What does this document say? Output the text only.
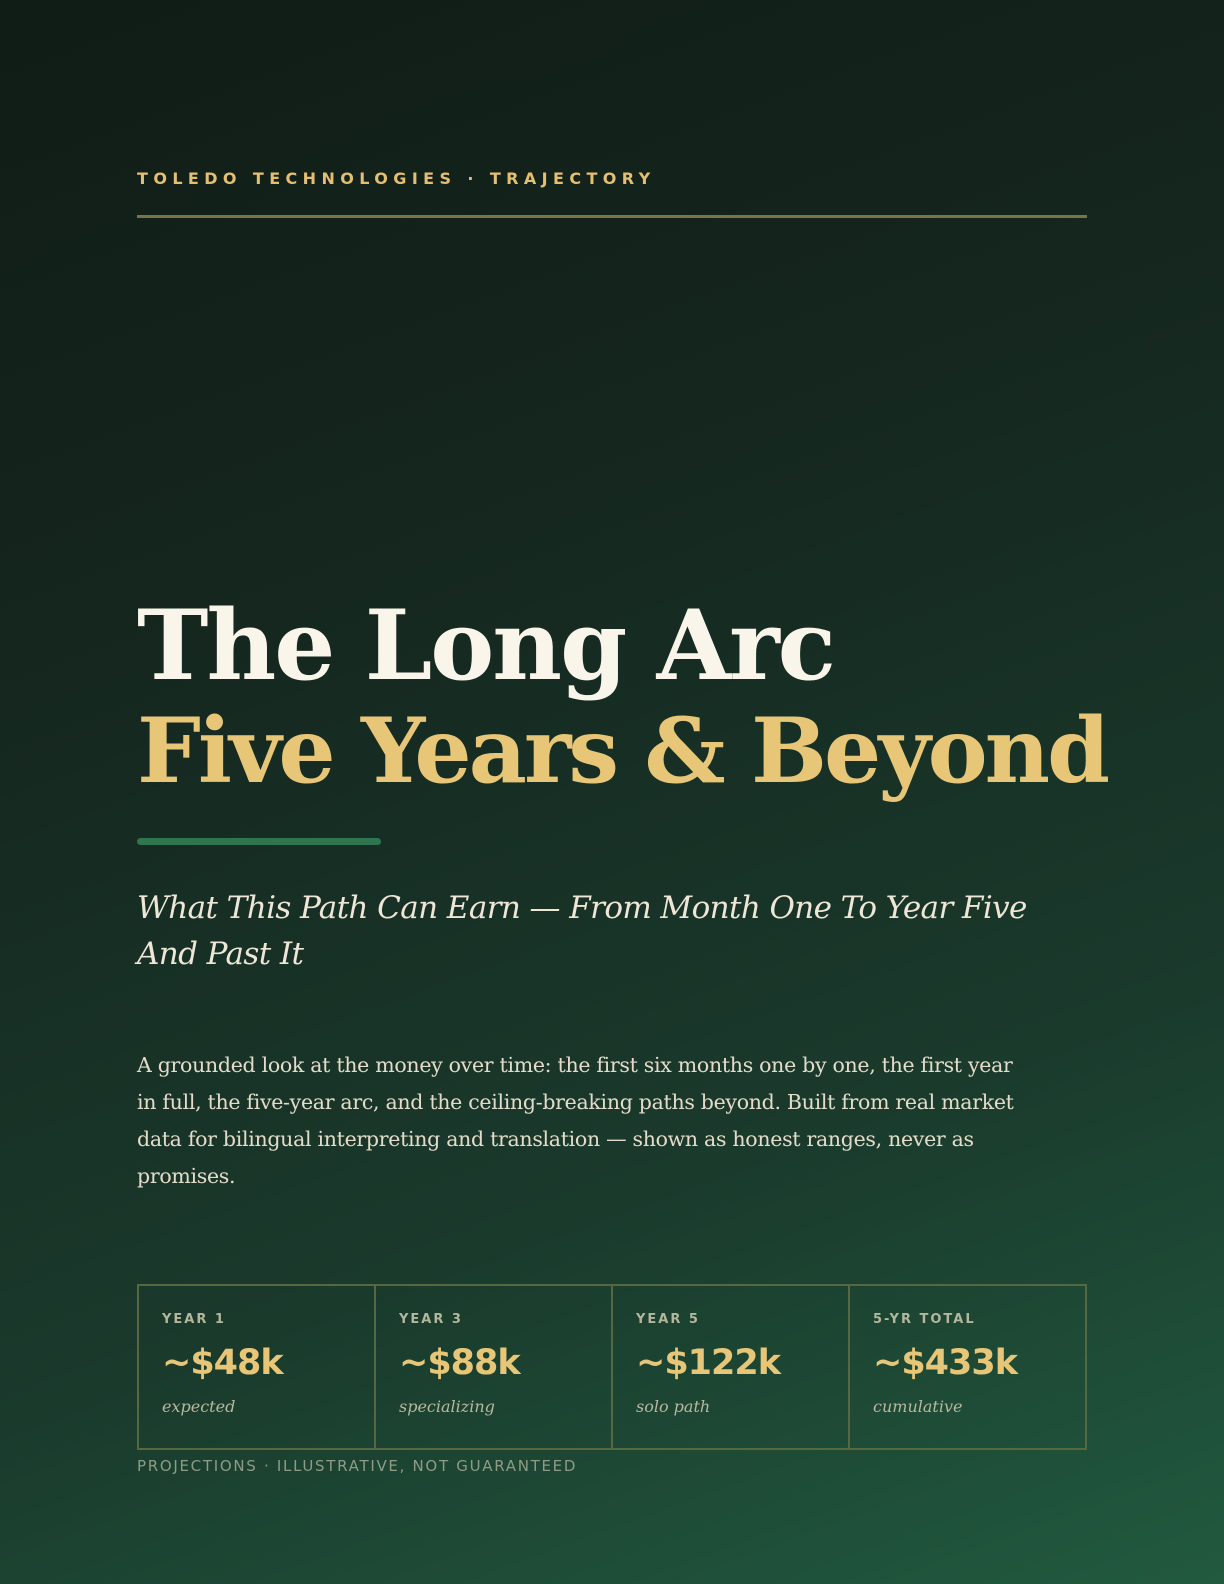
TOLEDO TECHNOLOGIES · TRAJECTORY
The Long Arc
Five Years & Beyond
What This Path Can Earn — From Month One To Year Five And Past It
A grounded look at the money over time: the first six months one by one, the first year in full, the five-year arc, and the ceiling-breaking paths beyond. Built from real market data for bilingual interpreting and translation — shown as honest ranges, never as promises.
YEAR 1
~$48k
expected
YEAR 3
~$88k
specializing
YEAR 5
~$122k
solo path
5-YR TOTAL
~$433k
cumulative
PROJECTIONS · ILLUSTRATIVE, NOT GUARANTEED
